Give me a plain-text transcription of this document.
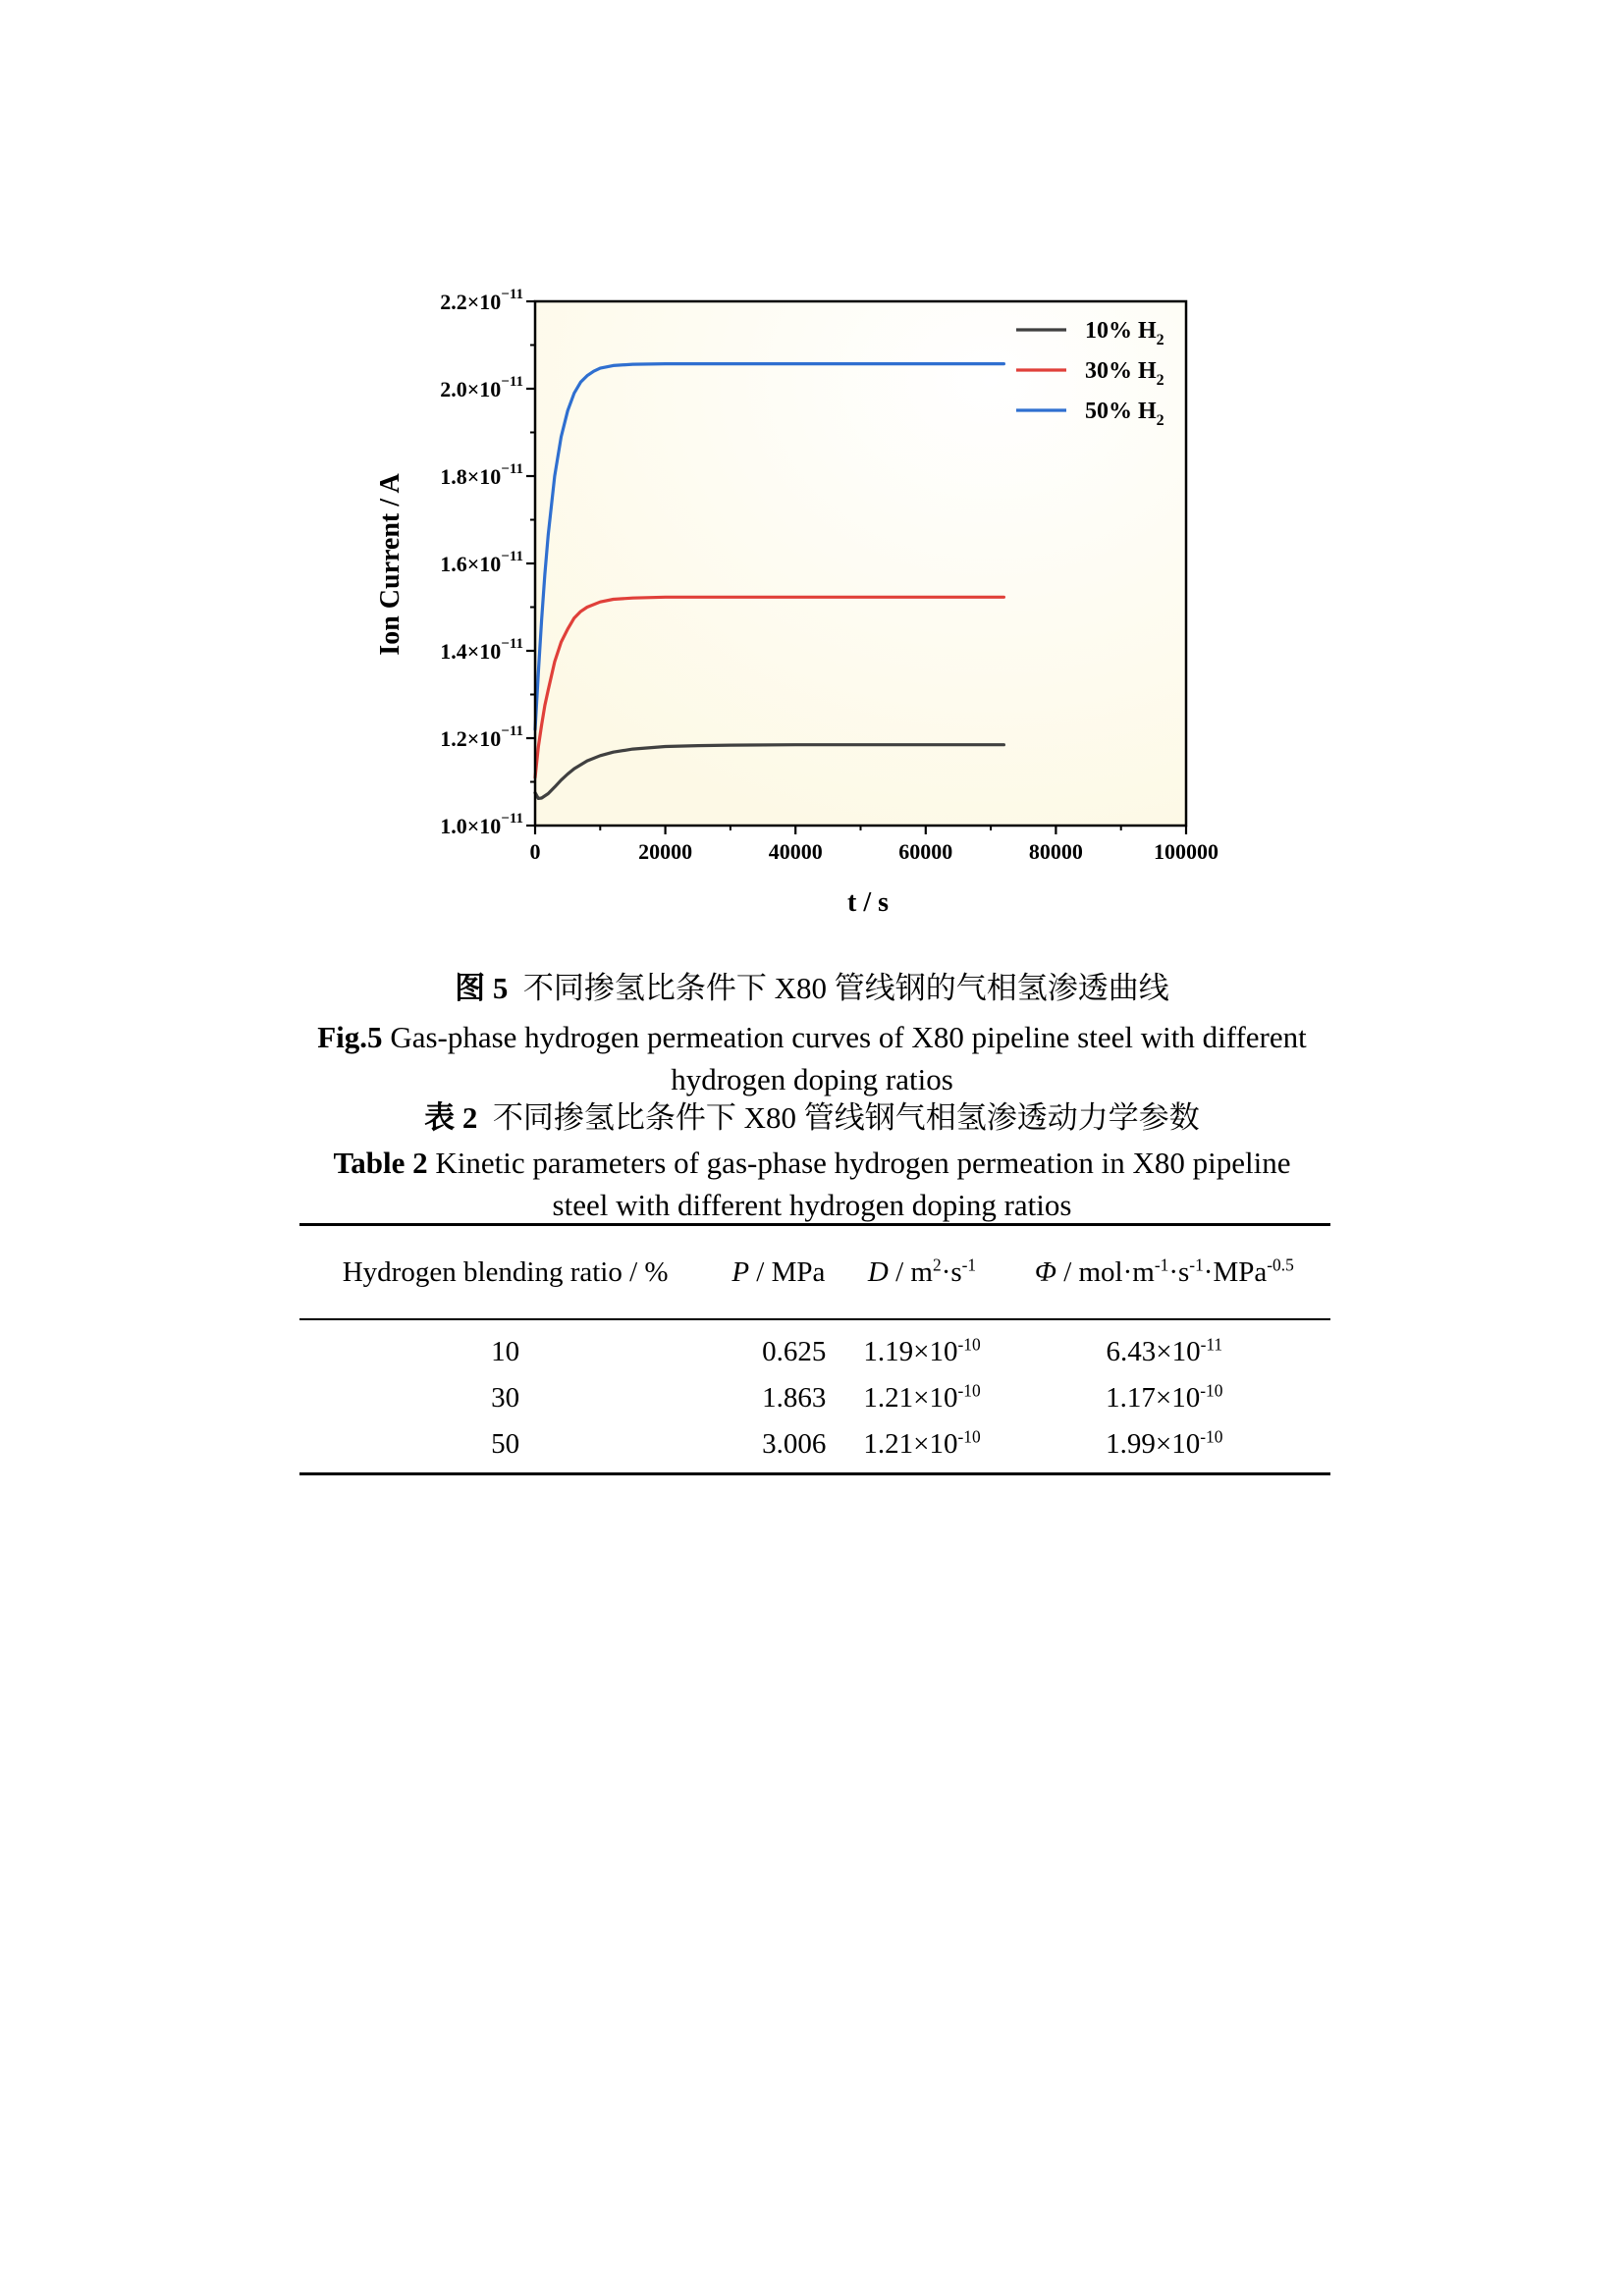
0	20000	40000	60000	80000	100000
$1.0\times 10^{-11}$
$1.2\times 10^{-11}$
$1.4\times 10^{-11}$
$1.6\times 10^{-11}$
$1.8\times 10^{-11}$
$2.0\times 10^{-11}$
$2.2\times 10^{-11}$
10% $H_2$
30% $H_2$
50% $H_2$
t / s
Ion Current / A
图 5 不同掺氢比条件下 X80 管线钢的气相氢渗透曲线
Fig.5 Gas-phase hydrogen permeation curves of X80 pipeline steel with different hydrogen doping ratios
表 2 不同掺氢比条件下 X80 管线钢气相氢渗透动力学参数
Table 2 Kinetic parameters of gas-phase hydrogen permeation in X80 pipeline steel with different hydrogen doping ratios
Hydrogen blending ratio / %	P / MPa	$D / m^2\cdot s^{-1}$	$\Phi / mol\cdot m^{-1}\cdot s^{-1}\cdot MPa^{-0.5}$
10	0.625	$1.19\times 10^{-10}$	$6.43\times 10^{-11}$
30	1.863	$1.21\times 10^{-10}$	$1.17\times 10^{-10}$
50	3.006	$1.21\times 10^{-10}$	$1.99\times 10^{-10}$
